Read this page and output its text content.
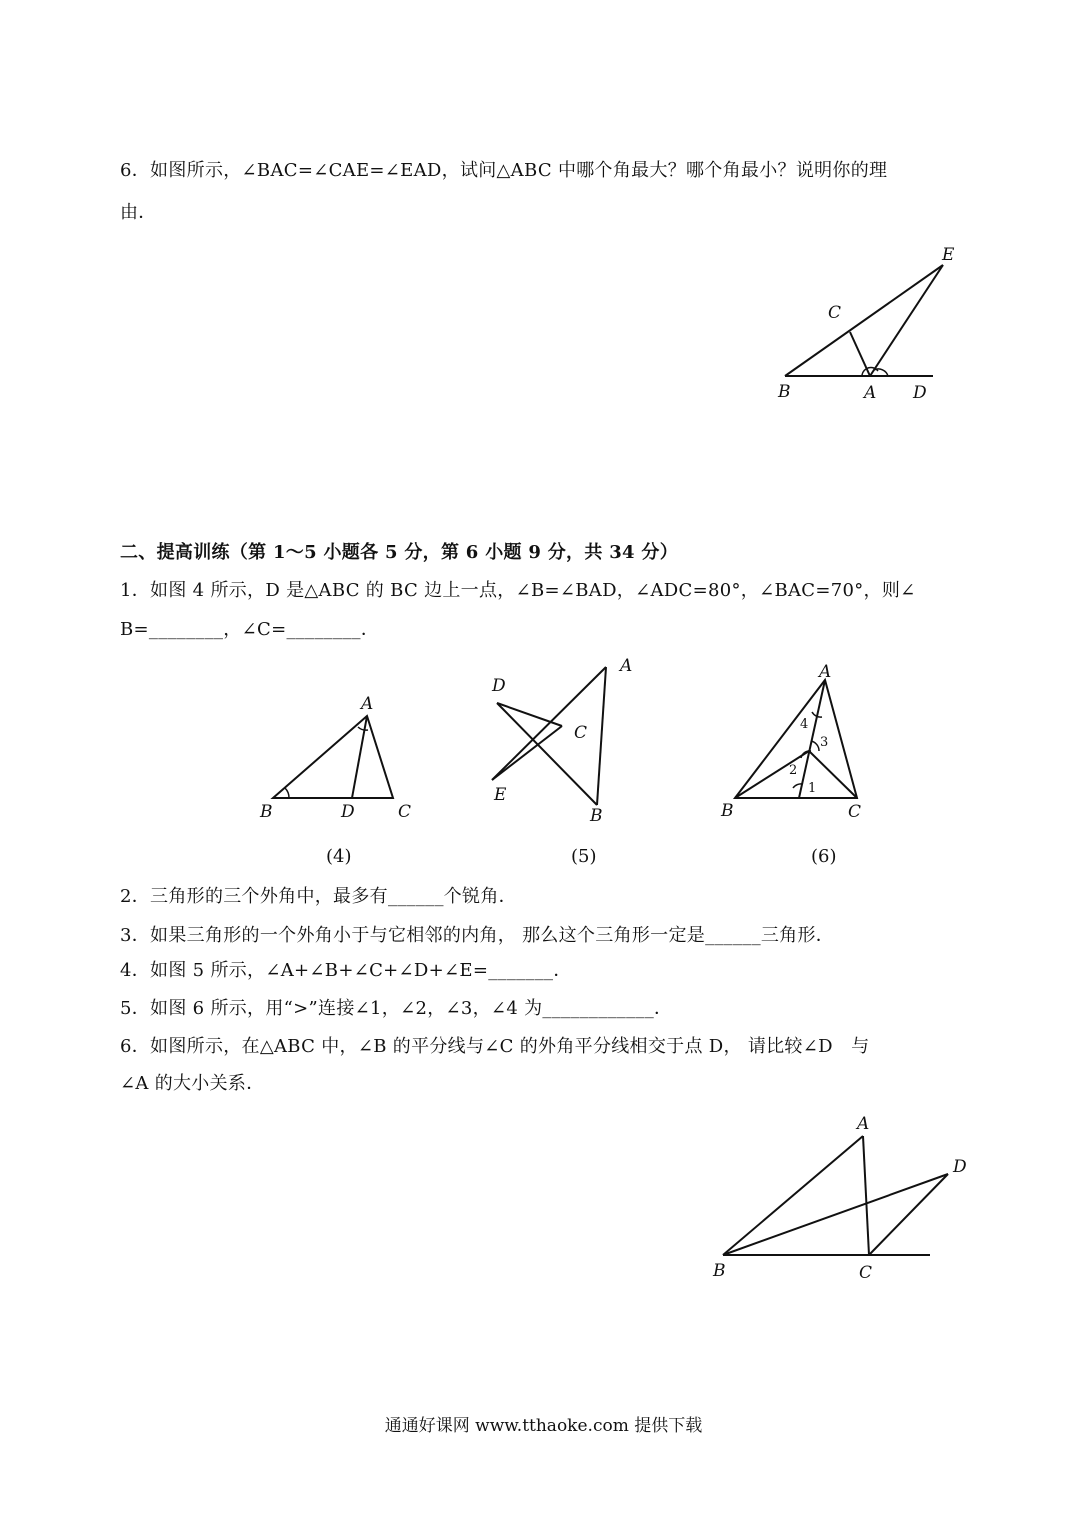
6．如图所示，∠BAC=∠CAE=∠EAD，试问△ABC 中哪个角最大？哪个角最小？说明你的理
由．
E
C
B	A D
二、提高训练（第 1～5 小题各 5 分，第 6 小题 9 分，共 34 分）
1．如图 4 所示，D 是△ABC 的 BC 边上一点，∠B=∠BAD，∠ADC=80°，∠BAC=70°，则∠
B=________，∠C=________．
A
B	D	C
(4)
A
D
C
E
B
(5)
A
B	C
4
3
2
1
(6)
2．三角形的三个外角中，最多有______个锐角．
3．如果三角形的一个外角小于与它相邻的内角， 那么这个三角形一定是______三角形．
4．如图 5 所示，∠A+∠B+∠C+∠D+∠E=_______．
5．如图 6 所示，用“>”连接∠1，∠2，∠3，∠4 为____________．
6．如图所示，在△ABC 中，∠B 的平分线与∠C 的外角平分线相交于点 D， 请比较∠D　与
∠A 的大小关系．
A
D
B	C
通通好课网 www.tthaoke.com 提供下载
